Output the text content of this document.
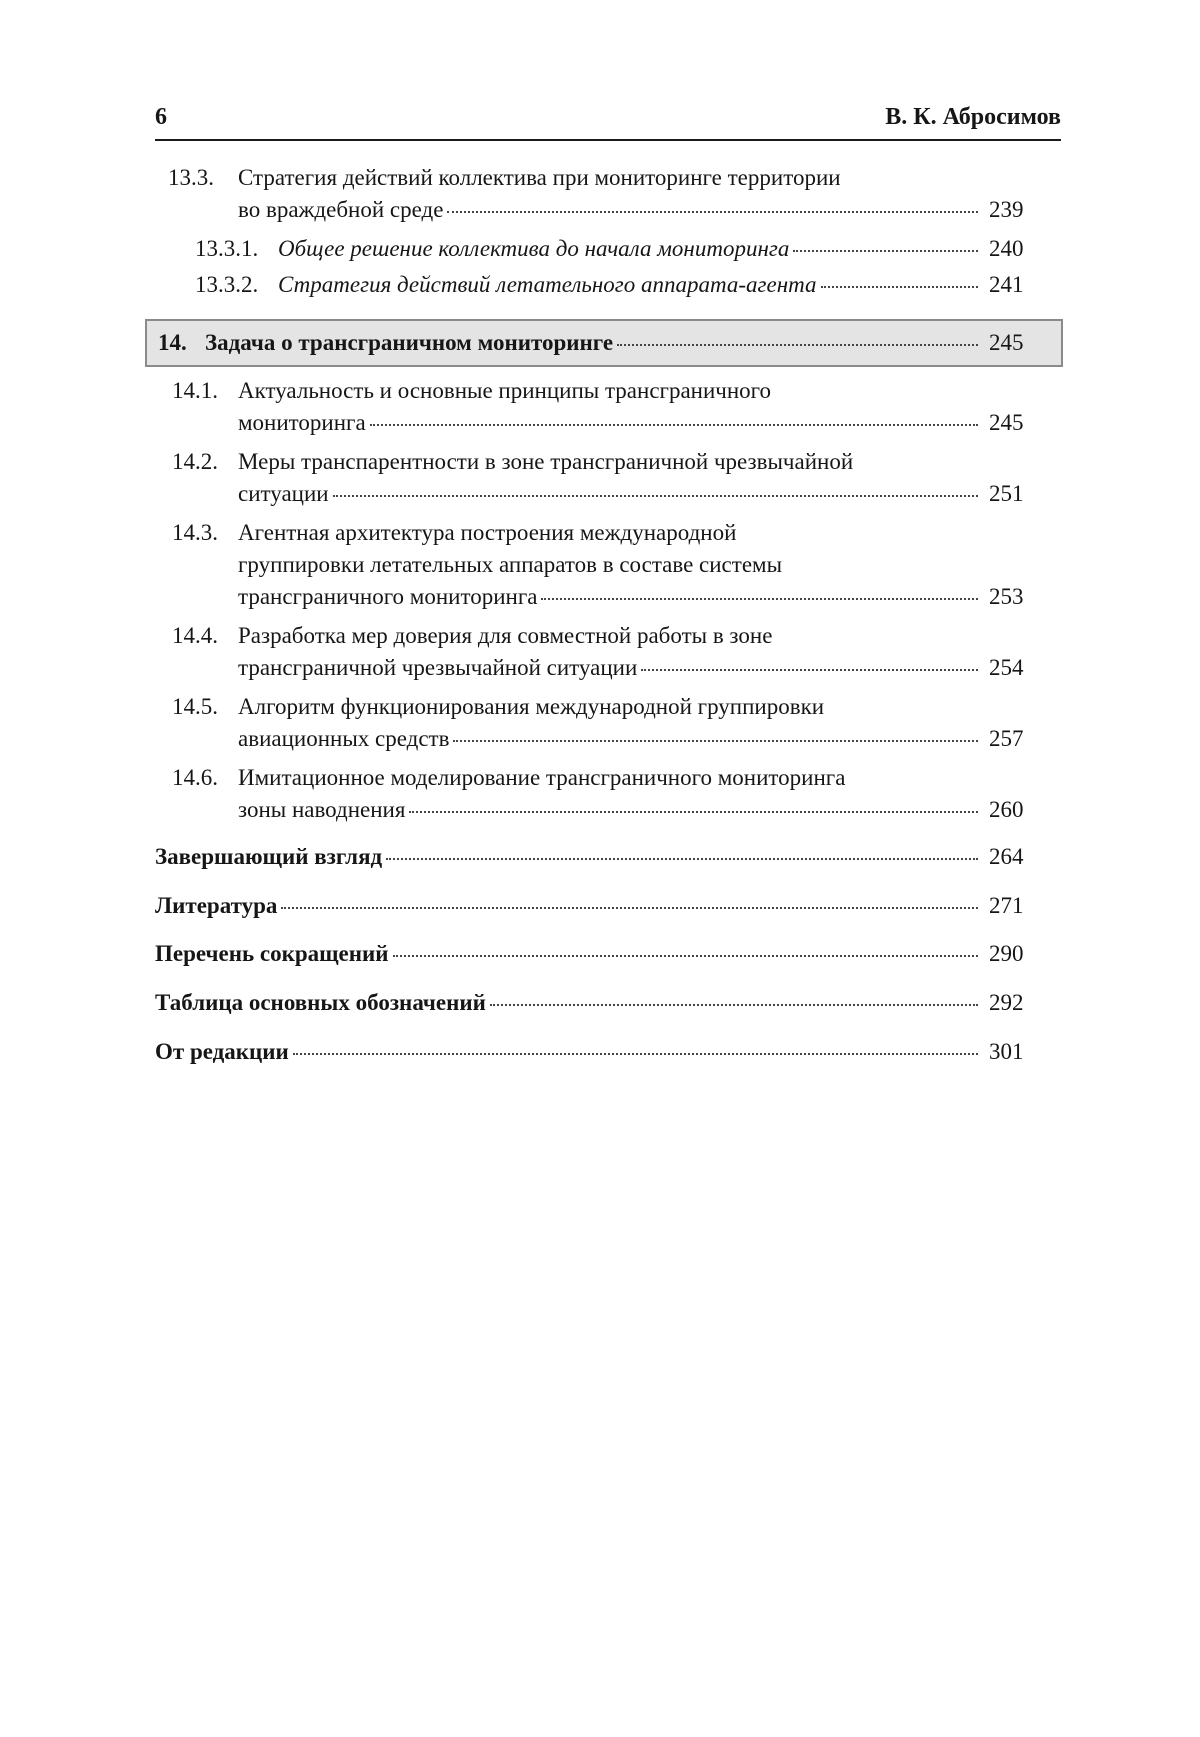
6	В. К. Абросимов
13.3. Стратегия действий коллектива при мониторинге территории
во враждебной среде	239
13.3.1. Общее решение коллектива до начала мониторинга	240
13.3.2. Стратегия действий летательного аппарата-агента	241
14. Задача о трансграничном мониторинге	245
14.1. Актуальность и основные принципы трансграничного
мониторинга	245
14.2. Меры транспарентности в зоне трансграничной чрезвычайной
ситуации	251
14.3. Агентная архитектура построения международной
группировки летательных аппаратов в составе системы
трансграничного мониторинга	253
14.4. Разработка мер доверия для совместной работы в зоне
трансграничной чрезвычайной ситуации	254
14.5. Алгоритм функционирования международной группировки
авиационных средств	257
14.6. Имитационное моделирование трансграничного мониторинга
зоны наводнения	260
Завершающий взгляд	264
Литература	271
Перечень сокращений	290
Таблица основных обозначений	292
От редакции	301
